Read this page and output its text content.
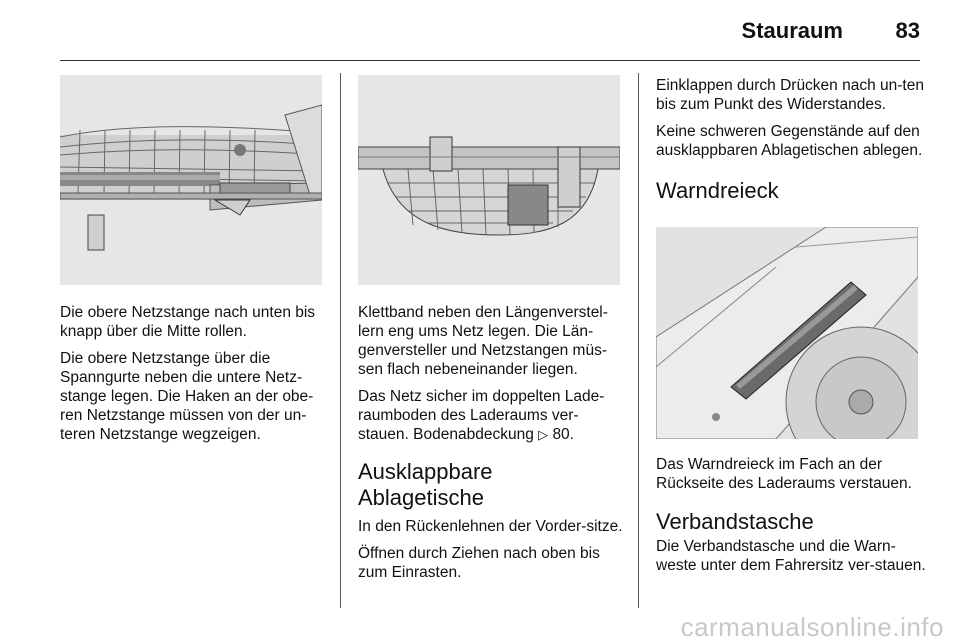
Stauraum 83

Die obere Netzstange nach unten bis knapp über die Mitte rollen.

Die obere Netzstange über die Spanngurte neben die untere Netz-stange legen. Die Haken an der obe-ren Netzstange müssen von der un-teren Netzstange wegzeigen.

Klettband neben den Längenverstel-lern eng ums Netz legen. Die Län-genversteller und Netzstangen müs-sen flach nebeneinander liegen.

Das Netz sicher im doppelten Lade-raumboden des Laderaums ver-stauen. Bodenabdeckung ▷ 80.

Ausklappbare
Ablagetische

In den Rückenlehnen der Vorder-sitze.

Öffnen durch Ziehen nach oben bis zum Einrasten.

Einklappen durch Drücken nach un-ten bis zum Punkt des Widerstandes.

Keine schweren Gegenstände auf den ausklappbaren Ablagetischen ablegen.

Warndreieck

Das Warndreieck im Fach an der Rückseite des Laderaums verstauen.

Verbandstasche

Die Verbandstasche und die Warn-weste unter dem Fahrersitz ver-stauen.

carmanualsonline.info
